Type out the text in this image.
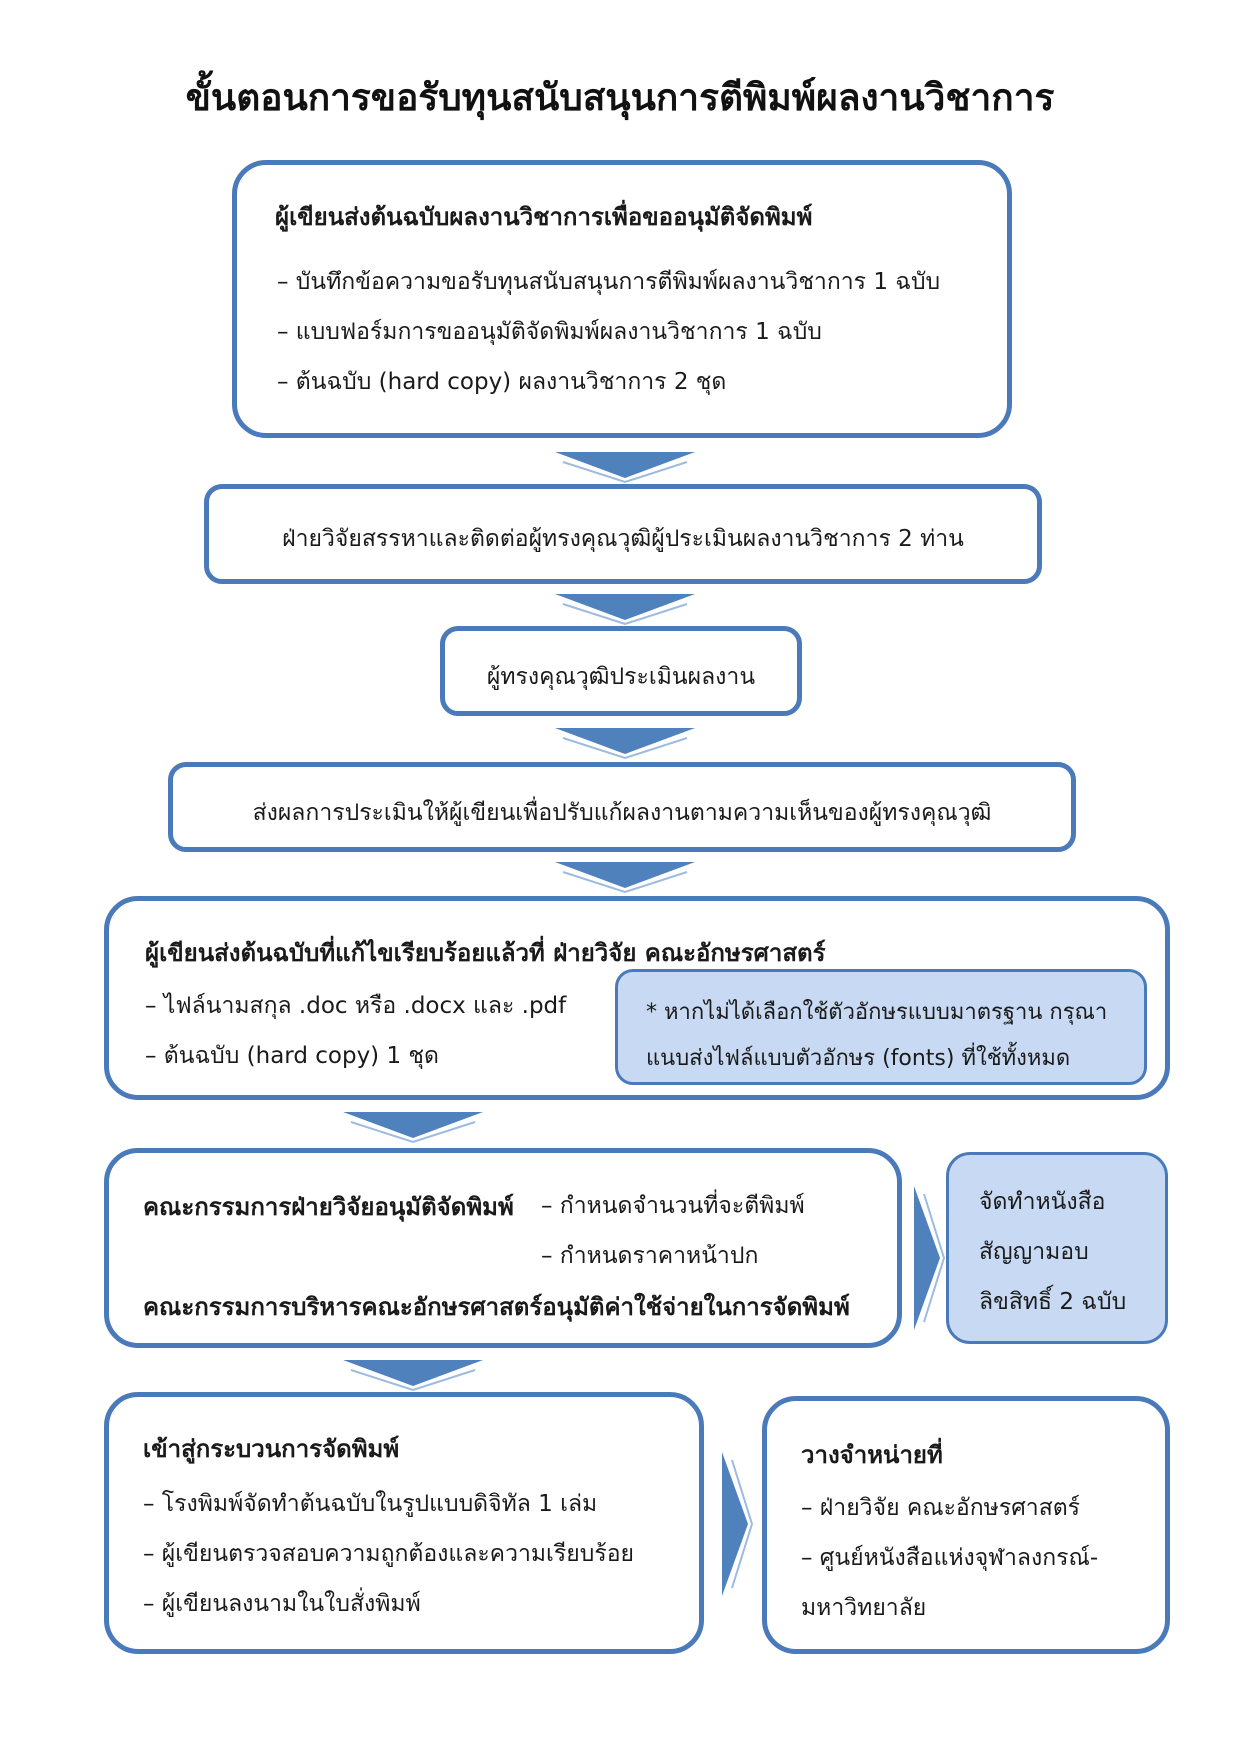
ขั้นตอนการขอรับทุนสนับสนุนการตีพิมพ์ผลงานวิชาการ
ผู้เขียนส่งต้นฉบับผลงานวิชาการเพื่อขออนุมัติจัดพิมพ์
– บันทึกข้อความขอรับทุนสนับสนุนการตีพิมพ์ผลงานวิชาการ 1 ฉบับ
– แบบฟอร์มการขออนุมัติจัดพิมพ์ผลงานวิชาการ 1 ฉบับ
– ต้นฉบับ (hard copy) ผลงานวิชาการ 2 ชุด
ฝ่ายวิจัยสรรหาและติดต่อผู้ทรงคุณวุฒิผู้ประเมินผลงานวิชาการ 2 ท่าน
ผู้ทรงคุณวุฒิประเมินผลงาน
ส่งผลการประเมินให้ผู้เขียนเพื่อปรับแก้ผลงานตามความเห็นของผู้ทรงคุณวุฒิ
ผู้เขียนส่งต้นฉบับที่แก้ไขเรียบร้อยแล้วที่ ฝ่ายวิจัย คณะอักษรศาสตร์
– ไฟล์นามสกุล .doc หรือ .docx และ .pdf
– ต้นฉบับ (hard copy) 1 ชุด
* หากไม่ได้เลือกใช้ตัวอักษรแบบมาตรฐาน กรุณา
แนบส่งไฟล์แบบตัวอักษร (fonts) ที่ใช้ทั้งหมด
คณะกรรมการฝ่ายวิจัยอนุมัติจัดพิมพ์ – กำหนดจำนวนที่จะตีพิมพ์
– กำหนดราคาหน้าปก
คณะกรรมการบริหารคณะอักษรศาสตร์อนุมัติค่าใช้จ่ายในการจัดพิมพ์
จัดทำหนังสือ
สัญญามอบ
ลิขสิทธิ์ 2 ฉบับ
เข้าสู่กระบวนการจัดพิมพ์
– โรงพิมพ์จัดทำต้นฉบับในรูปแบบดิจิทัล 1 เล่ม
– ผู้เขียนตรวจสอบความถูกต้องและความเรียบร้อย
– ผู้เขียนลงนามในใบสั่งพิมพ์
วางจำหน่ายที่
– ฝ่ายวิจัย คณะอักษรศาสตร์
– ศูนย์หนังสือแห่งจุฬาลงกรณ์-
มหาวิทยาลัย
